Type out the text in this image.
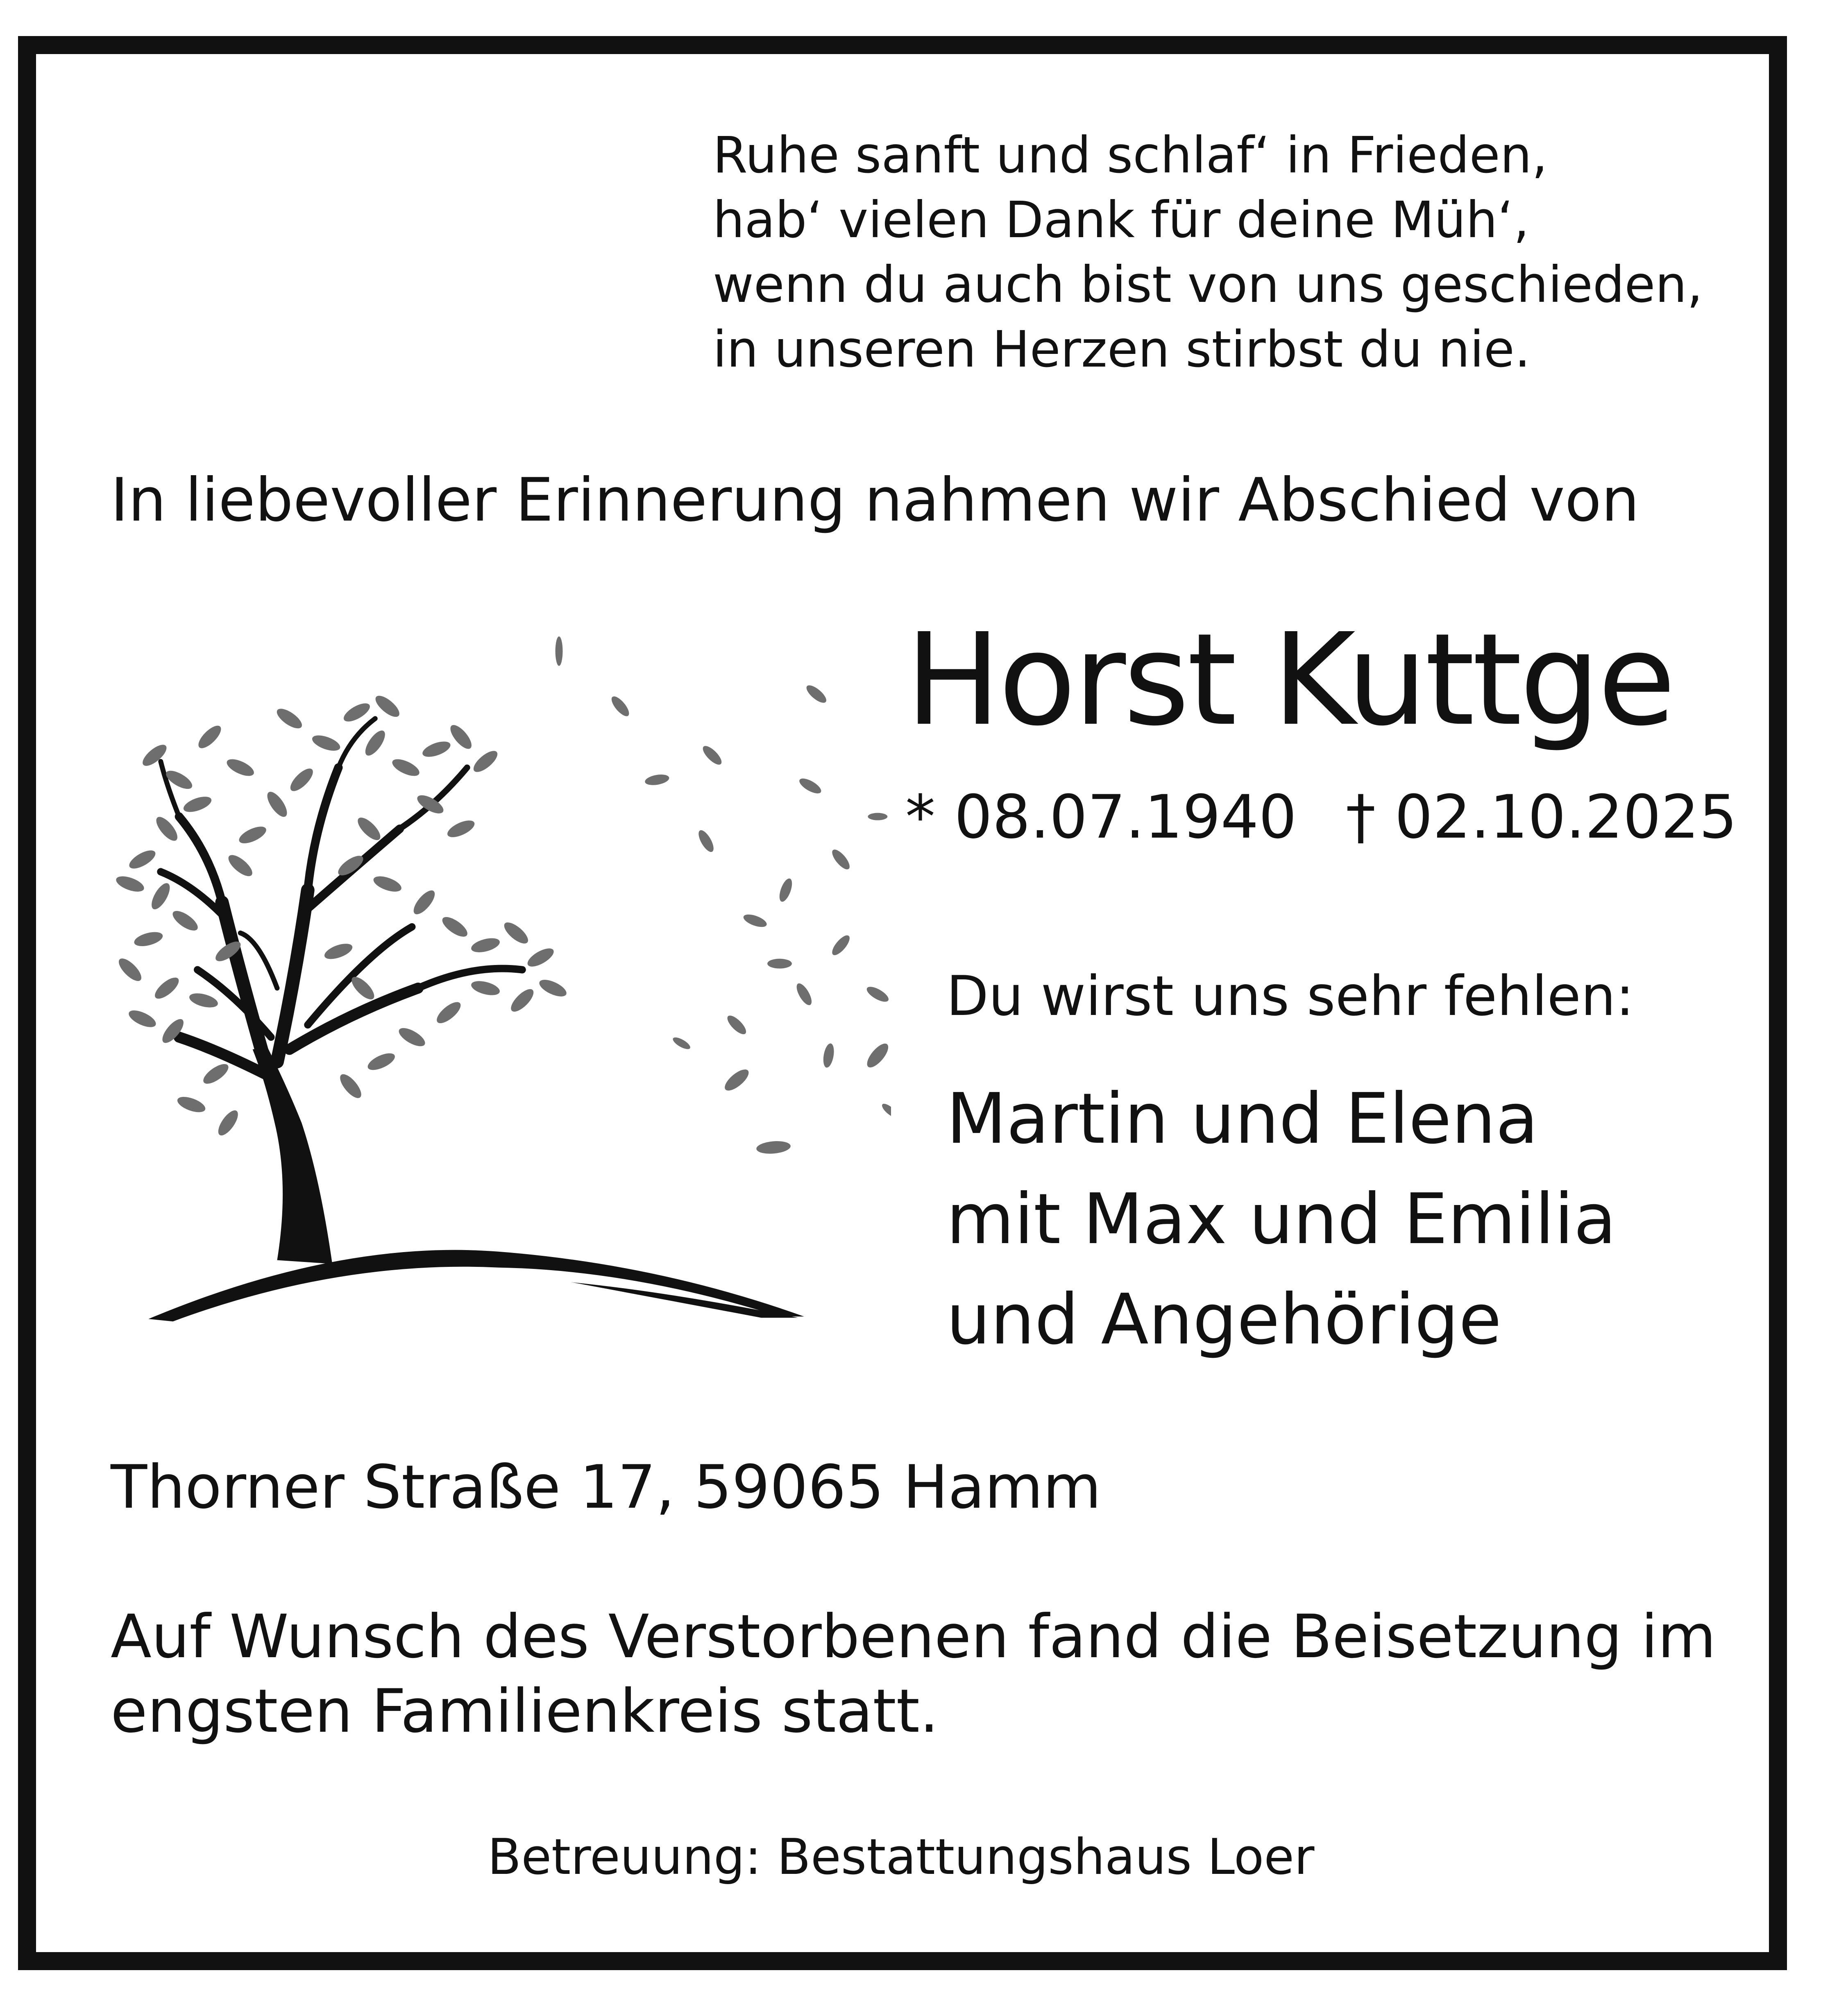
Ruhe sanft und schlaf‘ in Frieden,
hab‘ vielen Dank für deine Müh‘,
wenn du auch bist von uns geschieden,
in unseren Herzen stirbst du nie.
In liebevoller Erinnerung nahmen wir Abschied von
Horst Kuttge
* 08.07.1940 † 02.10.2025
Du wirst uns sehr fehlen:
Martin und Elena
mit Max und Emilia
und Angehörige
Thorner Straße 17, 59065 Hamm
Auf Wunsch des Verstorbenen fand die Beisetzung im
engsten Familienkreis statt.
Betreuung: Bestattungshaus Loer
